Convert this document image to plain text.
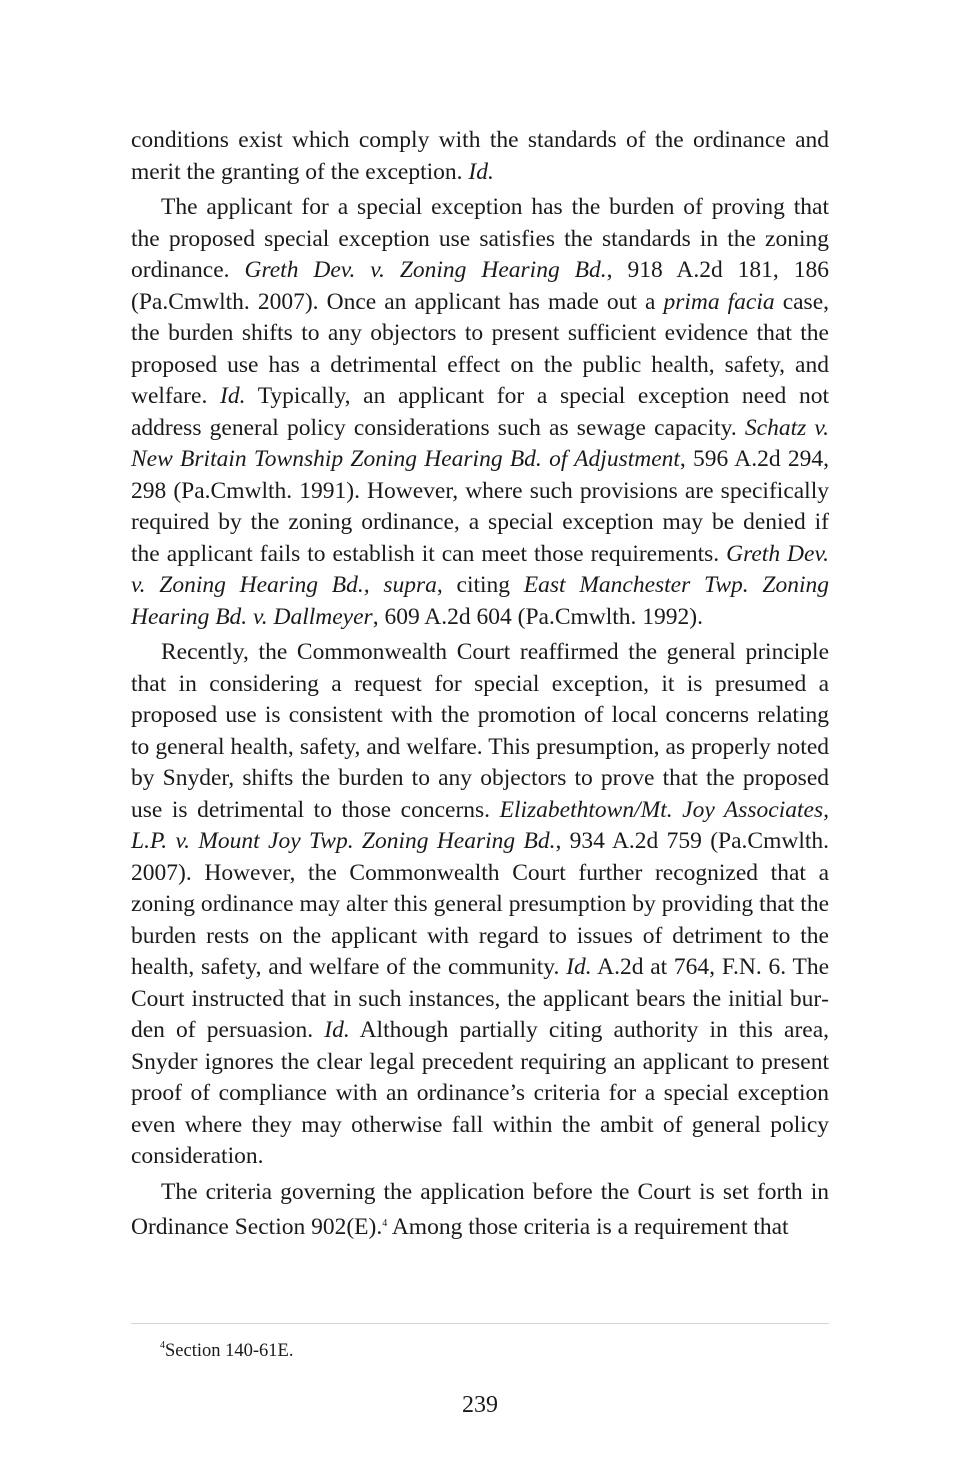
conditions exist which comply with the standards of the ordinance and merit the granting of the exception. Id.

The applicant for a special exception has the burden of proving that the proposed special exception use satisfies the standards in the zoning ordinance. Greth Dev. v. Zoning Hearing Bd., 918 A.2d 181, 186 (Pa.Cmwlth. 2007). Once an applicant has made out a prima facia case, the burden shifts to any objectors to present sufficient evidence that the proposed use has a detrimental effect on the public health, safety, and welfare. Id. Typically, an applicant for a special exception need not address general policy considerations such as sewage capacity. Schatz v. New Britain Township Zoning Hearing Bd. of Adjustment, 596 A.2d 294, 298 (Pa.Cmwlth. 1991). However, where such provisions are specifically required by the zoning ordinance, a special exception may be denied if the applicant fails to establish it can meet those requirements. Greth Dev. v. Zoning Hearing Bd., supra, citing East Manchester Twp. Zoning Hearing Bd. v. Dallmeyer, 609 A.2d 604 (Pa.Cmwlth. 1992).

Recently, the Commonwealth Court reaffirmed the general principle that in considering a request for special exception, it is presumed a proposed use is consistent with the promotion of local concerns relating to general health, safety, and welfare. This presumption, as properly noted by Snyder, shifts the burden to any objectors to prove that the proposed use is detrimental to those concerns. Elizabethtown/Mt. Joy Associates, L.P. v. Mount Joy Twp. Zoning Hearing Bd., 934 A.2d 759 (Pa.Cmwlth. 2007). However, the Commonwealth Court further recognized that a zoning ordinance may alter this general presumption by providing that the burden rests on the applicant with regard to issues of detriment to the health, safety, and welfare of the community. Id. A.2d at 764, F.N. 6. The Court instructed that in such instances, the applicant bears the initial burden of persuasion. Id. Although partially citing authority in this area, Snyder ignores the clear legal precedent requiring an applicant to present proof of compliance with an ordinance’s criteria for a special exception even where they may otherwise fall within the ambit of general policy consideration.

The criteria governing the application before the Court is set forth in Ordinance Section 902(E).$^4$ Among those criteria is a requirement that

$^4$Section 140-61E.
239
